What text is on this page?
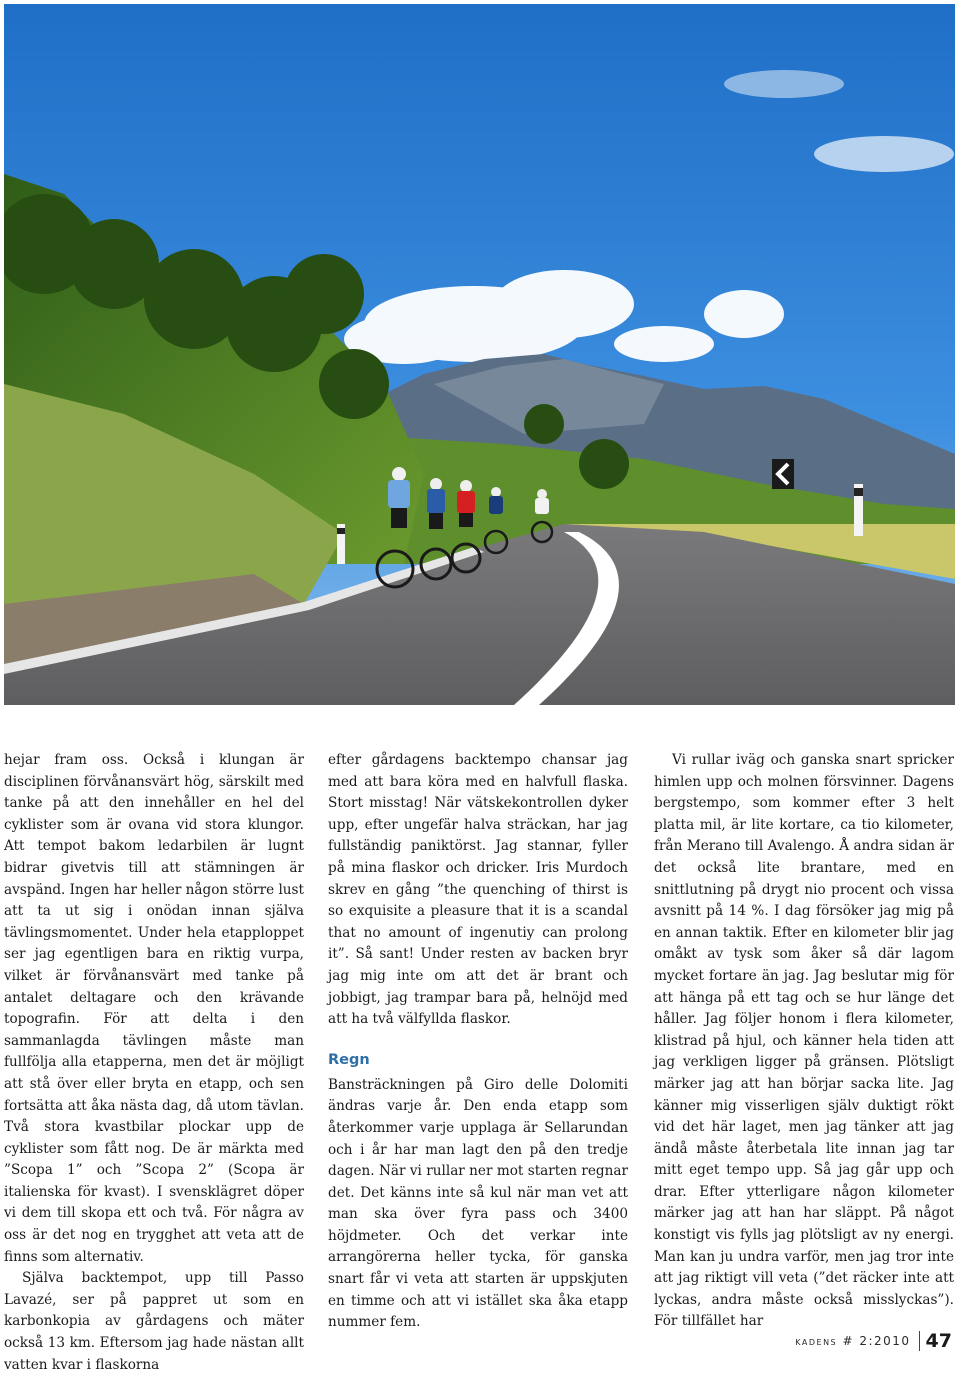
hejar fram oss. Också i klungan är disciplinen förvånansvärt hög, särskilt med tanke på att den innehåller en hel del cyklister som är ovana vid stora klungor. Att tempot bakom ledarbilen är lugnt bidrar givetvis till att stämningen är avspänd. Ingen har heller någon större lust att ta ut sig i onödan innan själva tävlingsmomentet. Under hela etapploppet ser jag egentligen bara en riktig vurpa, vilket är förvånansvärt med tanke på antalet deltagare och den krävande topografin. För att delta i den sammanlagda tävlingen måste man fullfölja alla etapperna, men det är möjligt att stå över eller bryta en etapp, och sen fortsätta att åka nästa dag, då utom tävlan. Två stora kvastbilar plockar upp de cyklister som fått nog. De är märkta med ”Scopa 1” och ”Scopa 2” (Scopa är italienska för kvast). I svensklägret döper vi dem till skopa ett och två. För några av oss är det nog en trygghet att veta att de finns som alternativ.

Själva backtempot, upp till Passo Lavazé, ser på pappret ut som en karbonkopia av gårdagens och mäter också 13 km. Eftersom jag hade nästan allt vatten kvar i flaskorna

efter gårdagens backtempo chansar jag med att bara köra med en halvfull flaska. Stort misstag! När vätskekontrollen dyker upp, efter ungefär halva sträckan, har jag fullständig paniktörst. Jag stannar, fyller på mina flaskor och dricker. Iris Murdoch skrev en gång ”the quenching of thirst is so exquisite a pleasure that it is a scandal that no amount of ingenutiy can prolong it”. Så sant! Under resten av backen bryr jag mig inte om att det är brant och jobbigt, jag trampar bara på, helnöjd med att ha två välfyllda flaskor.

Regn

Bansträckningen på Giro delle Dolomiti ändras varje år. Den enda etapp som återkommer varje upplaga är Sellarundan och i år har man lagt den på den tredje dagen. När vi rullar ner mot starten regnar det. Det känns inte så kul när man vet att man ska över fyra pass och 3400 höjdmeter. Och det verkar inte arrangörerna heller tycka, för ganska snart får vi veta att starten är uppskjuten en timme och att vi istället ska åka etapp nummer fem.

Vi rullar iväg och ganska snart spricker himlen upp och molnen försvinner. Dagens bergstempo, som kommer efter 3 helt platta mil, är lite kortare, ca tio kilometer, från Merano till Avalengo. Å andra sidan är det också lite brantare, med en snittlutning på drygt nio procent och vissa avsnitt på 14 %. I dag försöker jag mig på en annan taktik. Efter en kilometer blir jag omåkt av tysk som åker så där lagom mycket fortare än jag. Jag beslutar mig för att hänga på ett tag och se hur länge det håller. Jag följer honom i flera kilometer, klistrad på hjul, och känner hela tiden att jag verkligen ligger på gränsen. Plötsligt märker jag att han börjar sacka lite. Jag känner mig visserligen själv duktigt rökt vid det här laget, men jag tänker att jag ändå måste återbetala lite innan jag tar mitt eget tempo upp. Så jag går upp och drar. Efter ytterligare någon kilometer märker jag att han har släppt. På något konstigt vis fylls jag plötsligt av ny energi. Man kan ju undra varför, men jag tror inte att jag riktigt vill veta (”det räcker inte att lyckas, andra måste också misslyckas”). För tillfället har

kadens # 2:2010 47
